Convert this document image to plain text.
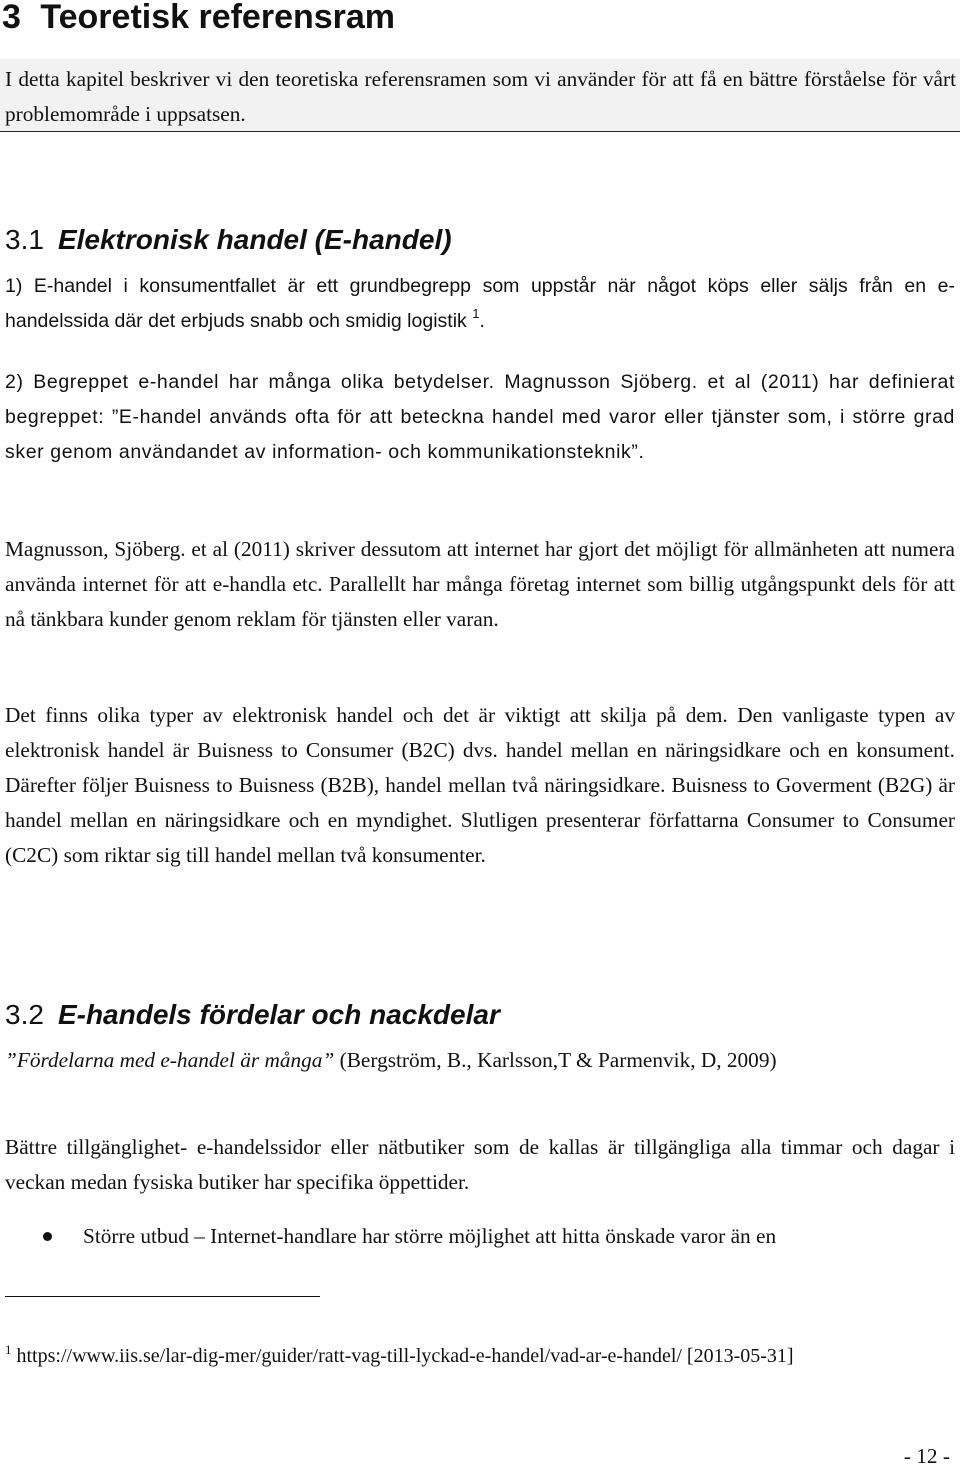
3 Teoretisk referensram

I detta kapitel beskriver vi den teoretiska referensramen som vi använder för att få en bättre förståelse för vårt problemområde i uppsatsen.

3.1 Elektronisk handel (E-handel)

1) E-handel i konsumentfallet är ett grundbegrepp som uppstår när något köps eller säljs från en e-handelssida där det erbjuds snabb och smidig logistik $^1$.

2) Begreppet e-handel har många olika betydelser. Magnusson Sjöberg. et al (2011) har definierat begreppet: ”E-handel används ofta för att beteckna handel med varor eller tjänster som, i större grad sker genom användandet av information- och kommunikationsteknik”.

Magnusson, Sjöberg. et al (2011) skriver dessutom att internet har gjort det möjligt för allmänheten att numera använda internet för att e-handla etc. Parallellt har många företag internet som billig utgångspunkt dels för att nå tänkbara kunder genom reklam för tjänsten eller varan.

Det finns olika typer av elektronisk handel och det är viktigt att skilja på dem. Den vanligaste typen av elektronisk handel är Buisness to Consumer (B2C) dvs. handel mellan en näringsidkare och en konsument. Därefter följer Buisness to Buisness (B2B), handel mellan två näringsidkare. Buisness to Goverment (B2G) är handel mellan en näringsidkare och en myndighet. Slutligen presenterar författarna Consumer to Consumer (C2C) som riktar sig till handel mellan två konsumenter.

3.2 E-handels fördelar och nackdelar

”Fördelarna med e-handel är många” (Bergström, B., Karlsson,T & Parmenvik, D, 2009)

Bättre tillgänglighet- e-handelssidor eller nätbutiker som de kallas är tillgängliga alla timmar och dagar i veckan medan fysiska butiker har specifika öppettider.

Större utbud – Internet-handlare har större möjlighet att hitta önskade varor än en

$^1$ https://www.iis.se/lar-dig-mer/guider/ratt-vag-till-lyckad-e-handel/vad-ar-e-handel/ [2013-05-31]
- 12 -
